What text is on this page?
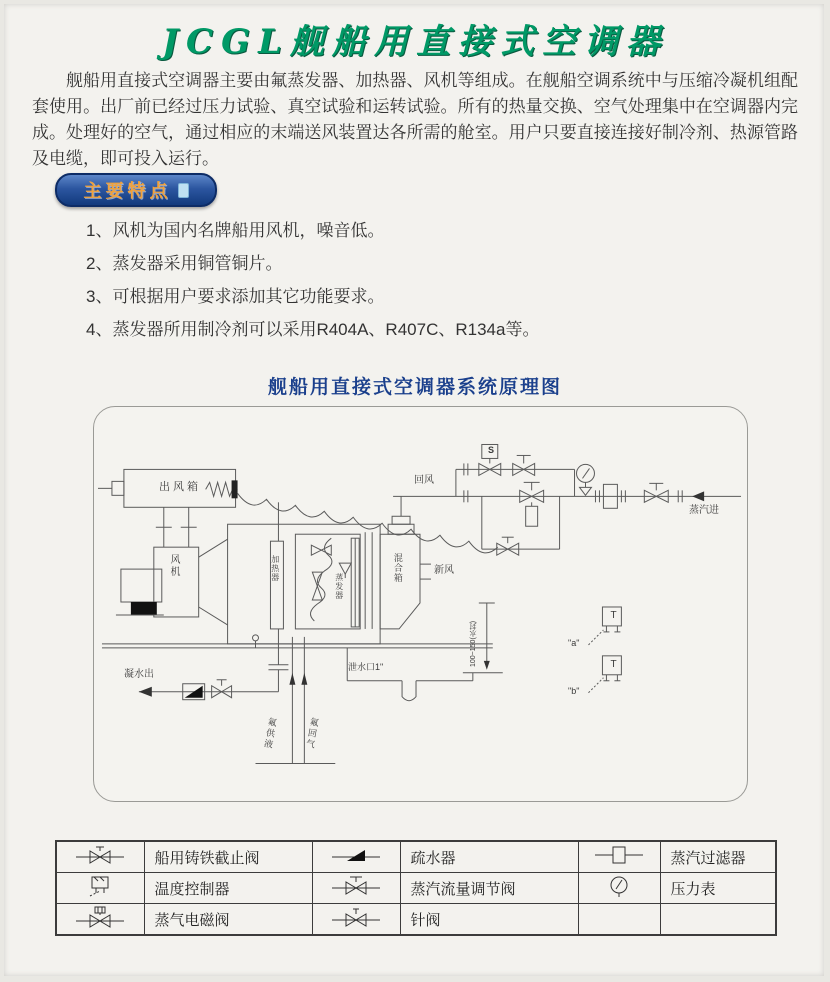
JCGL舰船用直接式空调器
舰船用直接式空调器主要由氟蒸发器、加热器、风机等组成。在舰船空调系统中与压缩冷凝机组配套使用。出厂前已经过压力试验、真空试验和运转试验。所有的热量交换、空气处理集中在空调器内完成。处理好的空气，通过相应的末端送风装置达各所需的舱室。用户只要直接连接好制冷剂、热源管路及电缆，即可投入运行。
主要特点
1、风机为国内名牌船用风机，噪音低。
2、蒸发器采用铜管铜片。
3、可根据用户要求添加其它功能要求。
4、蒸发器所用制冷剂可以采用R404A、R407C、R134a等。
舰船用直接式空调器系统原理图
出风箱
风机	加热器
蒸发器
混合箱	新风
回风
蒸汽进
凝水出
泄水口1"	100~150(水封)
氟供液	氟回气
"a"
"b"
T
T
S
	船用铸铁截止阀		疏水器		蒸汽过滤器
	温度控制器		蒸汽流量调节阀		压力表
	蒸气电磁阀		针阀		
